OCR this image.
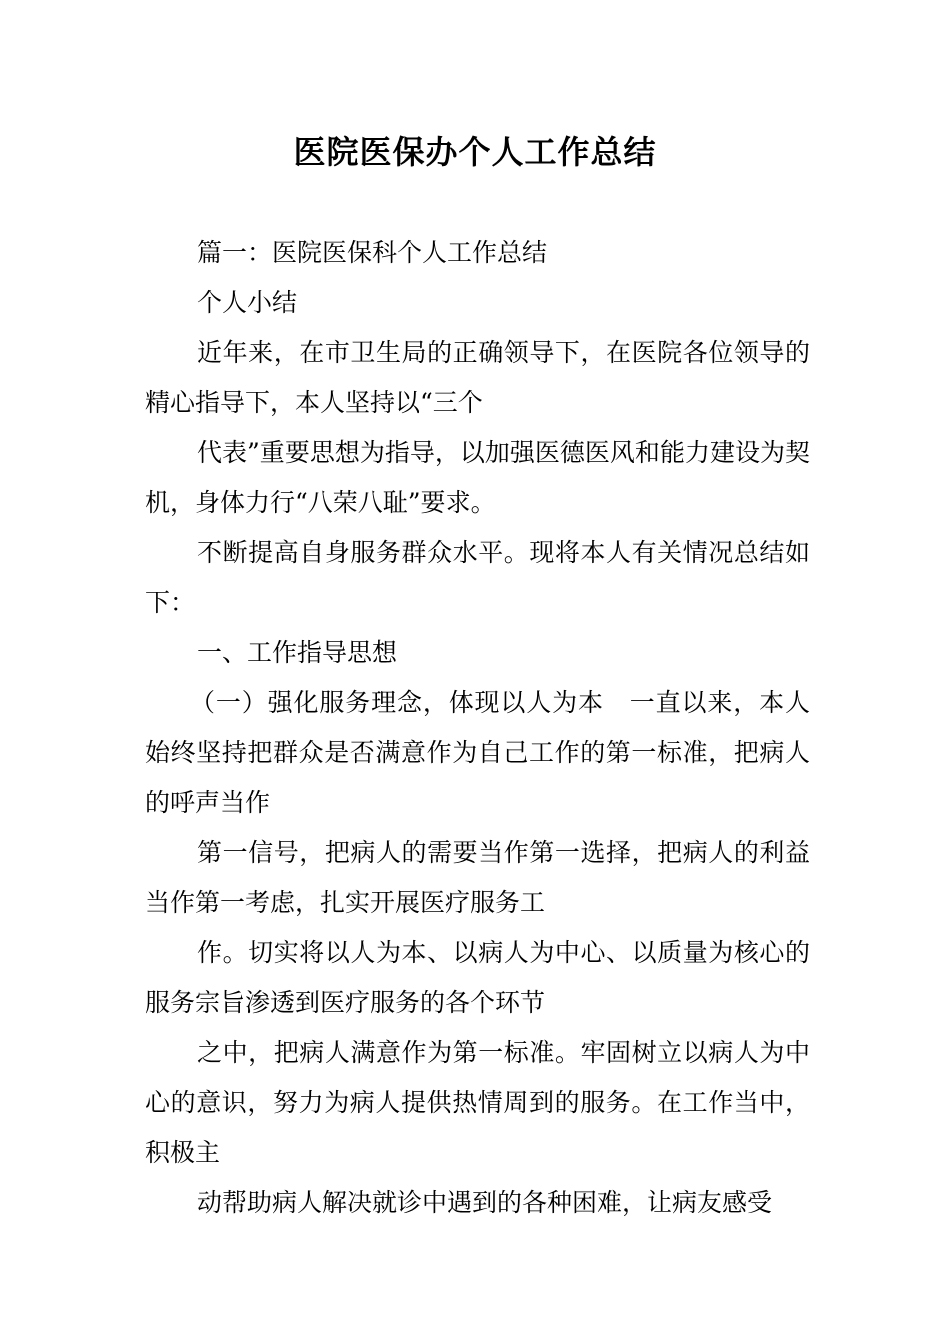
医院医保办个人工作总结

篇一：医院医保科个人工作总结

个人小结

近年来，在市卫生局的正确领导下，在医院各位领导的精心指导下，本人坚持以“三个

代表”重要思想为指导，以加强医德医风和能力建设为契机，身体力行“八荣八耻”要求。

不断提高自身服务群众水平。现将本人有关情况总结如下：

一、工作指导思想

（一）强化服务理念，体现以人为本　一直以来，本人始终坚持把群众是否满意作为自己工作的第一标准，把病人的呼声当作

第一信号，把病人的需要当作第一选择，把病人的利益当作第一考虑，扎实开展医疗服务工

作。切实将以人为本、以病人为中心、以质量为核心的服务宗旨渗透到医疗服务的各个环节

之中，把病人满意作为第一标准。牢固树立以病人为中心的意识，努力为病人提供热情周到的服务。在工作当中，积极主

动帮助病人解决就诊中遇到的各种困难，让病友感受
